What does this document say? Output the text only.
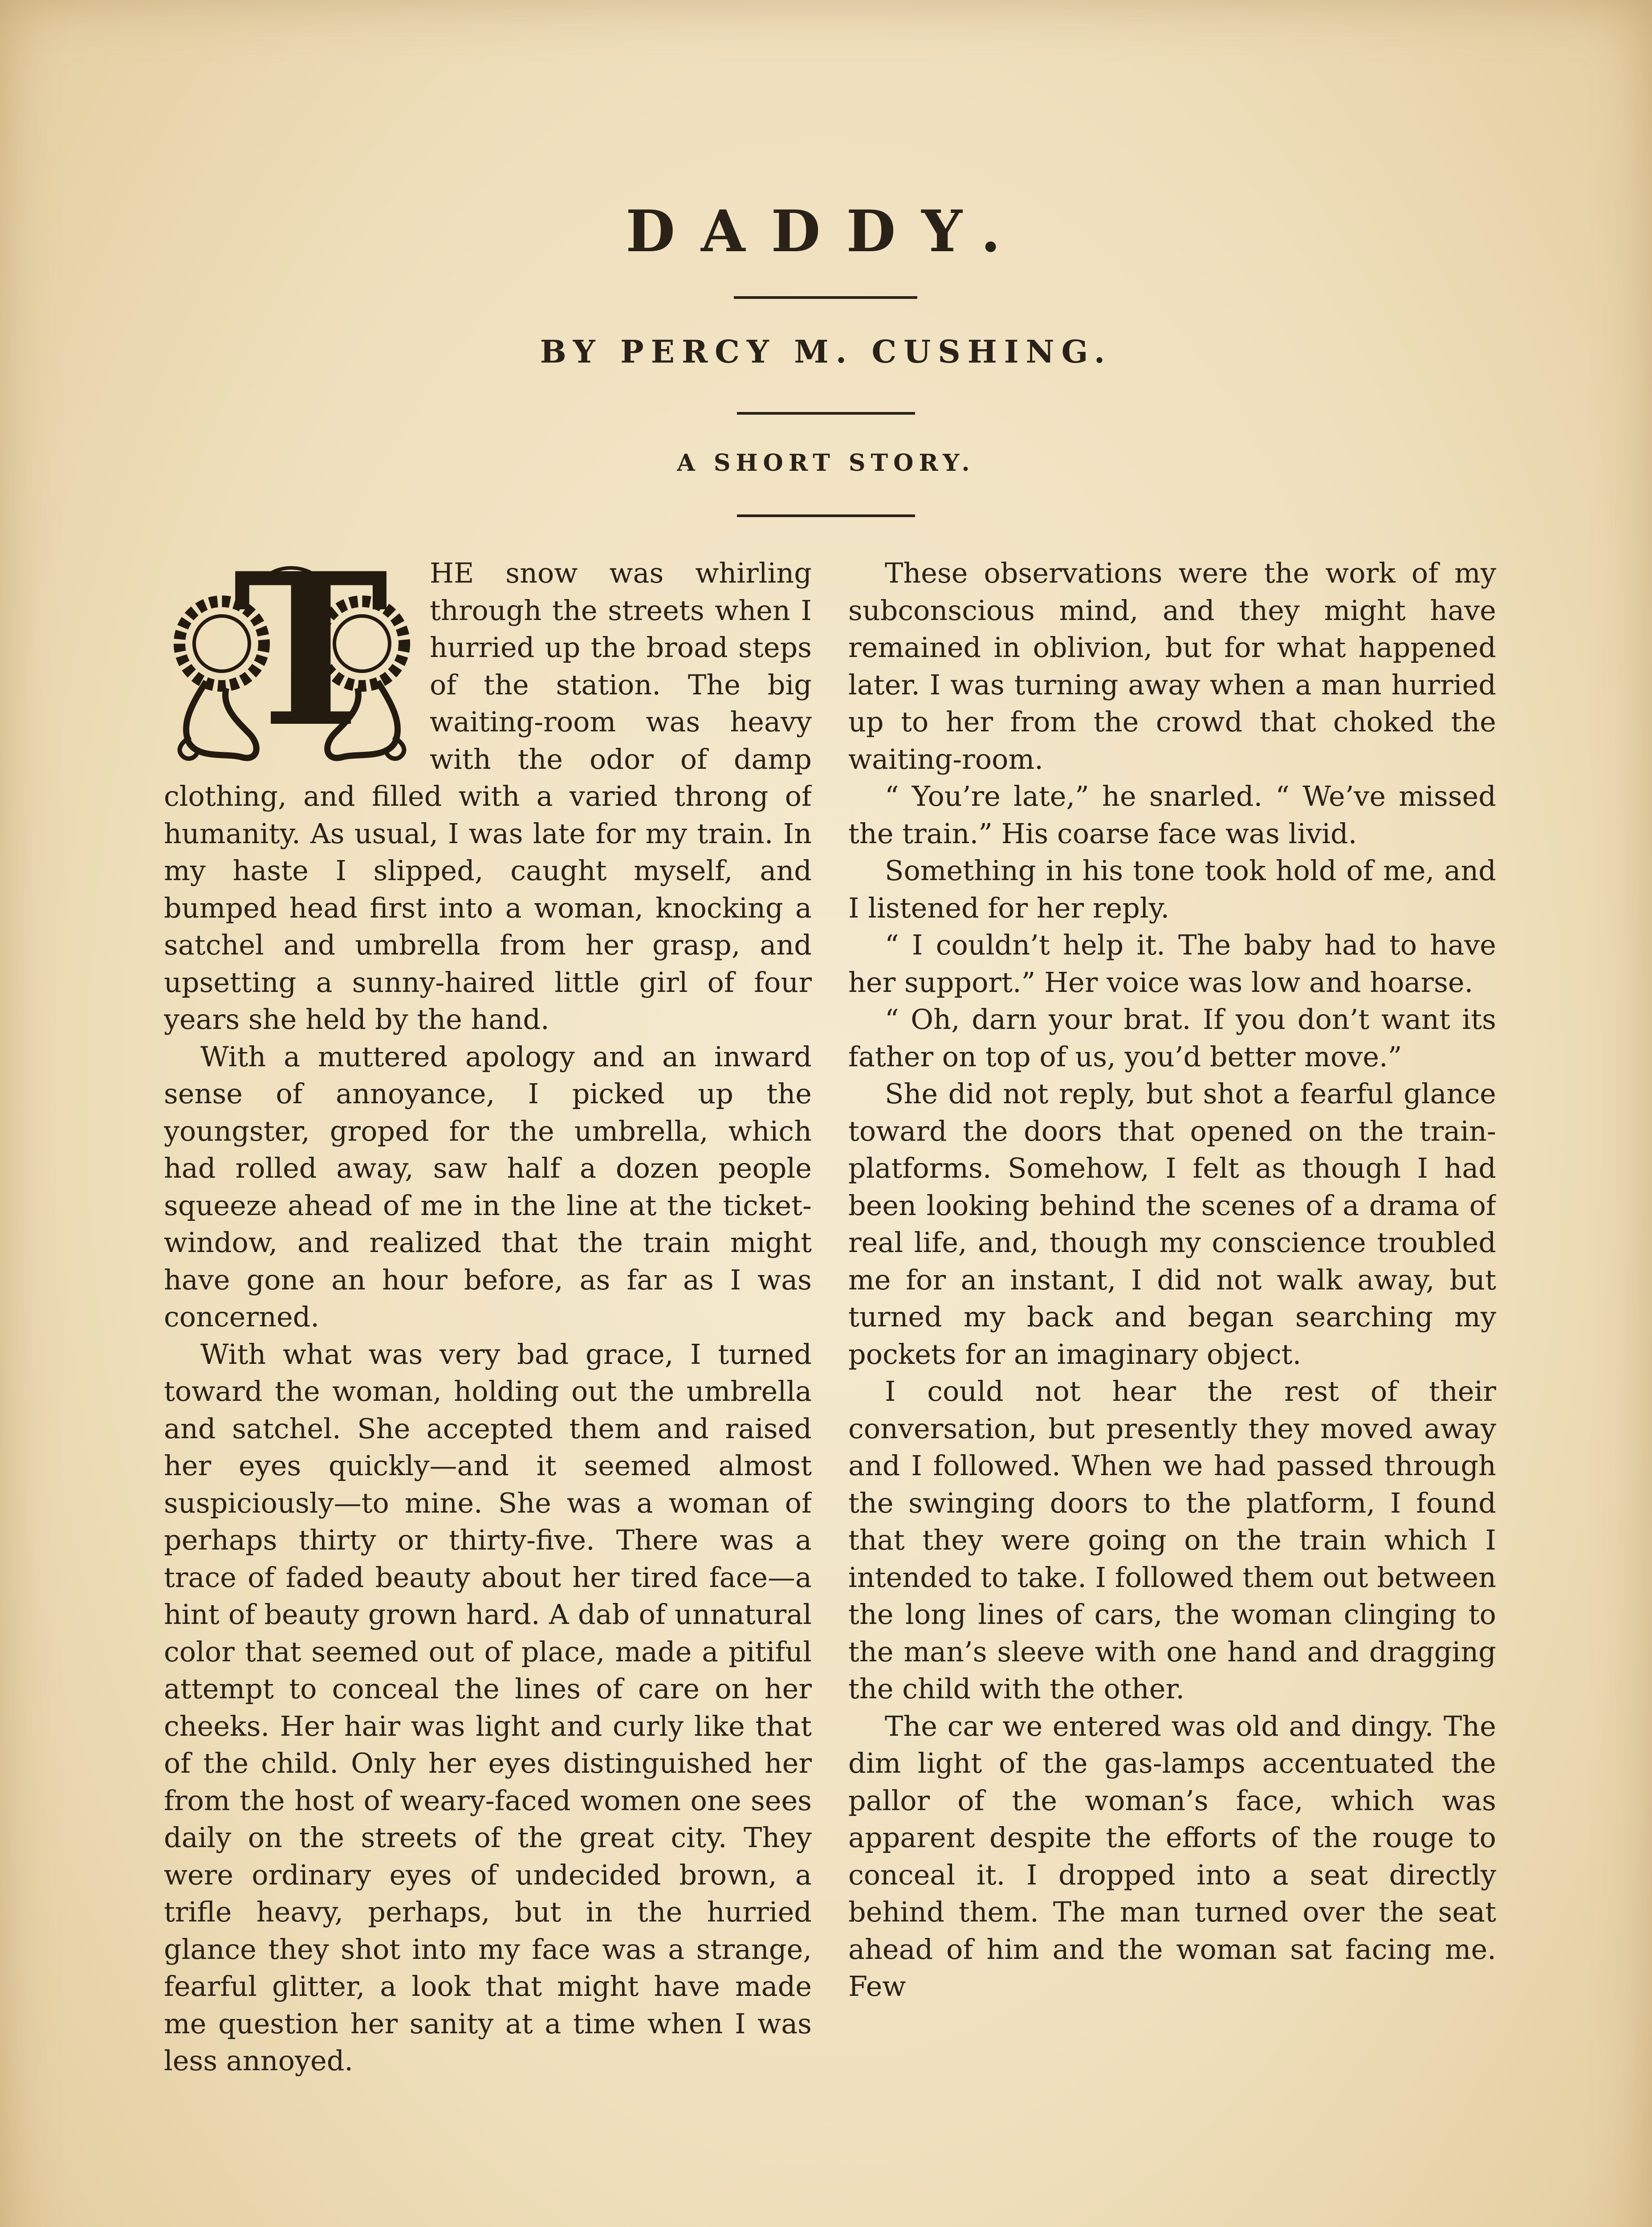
DADDY.
BY PERCY M. CUSHING.
A SHORT STORY.

T HE snow was whirling through the streets when I hurried up the broad steps of the station. The big waiting-room was heavy with the odor of damp clothing, and filled with a varied throng of humanity. As usual, I was late for my train. In my haste I slipped, caught myself, and bumped head first into a woman, knocking a satchel and umbrella from her grasp, and upsetting a sunny-haired little girl of four years she held by the hand.

With a muttered apology and an inward sense of annoyance, I picked up the youngster, groped for the umbrella, which had rolled away, saw half a dozen people squeeze ahead of me in the line at the ticket-window, and realized that the train might have gone an hour before, as far as I was concerned.

With what was very bad grace, I turned toward the woman, holding out the umbrella and satchel. She accepted them and raised her eyes quickly—and it seemed almost suspiciously—to mine. She was a woman of perhaps thirty or thirty-five. There was a trace of faded beauty about her tired face—a hint of beauty grown hard. A dab of unnatural color that seemed out of place, made a pitiful attempt to conceal the lines of care on her cheeks. Her hair was light and curly like that of the child. Only her eyes distinguished her from the host of weary-faced women one sees daily on the streets of the great city. They were ordinary eyes of undecided brown, a trifle heavy, perhaps, but in the hurried glance they shot into my face was a strange, fearful glitter, a look that might have made me question her sanity at a time when I was less annoyed.

These observations were the work of my subconscious mind, and they might have remained in oblivion, but for what happened later. I was turning away when a man hurried up to her from the crowd that choked the waiting-room.

“ You’re late,” he snarled. “ We’ve missed the train.” His coarse face was livid.

Something in his tone took hold of me, and I listened for her reply.

“ I couldn’t help it. The baby had to have her support.” Her voice was low and hoarse.

“ Oh, darn your brat. If you don’t want its father on top of us, you’d better move.”

She did not reply, but shot a fearful glance toward the doors that opened on the train-platforms. Somehow, I felt as though I had been looking behind the scenes of a drama of real life, and, though my conscience troubled me for an instant, I did not walk away, but turned my back and began searching my pockets for an imaginary object.

I could not hear the rest of their conversation, but presently they moved away and I followed. When we had passed through the swinging doors to the platform, I found that they were going on the train which I intended to take. I followed them out between the long lines of cars, the woman clinging to the man’s sleeve with one hand and dragging the child with the other.

The car we entered was old and dingy. The dim light of the gas-lamps accentuated the pallor of the woman’s face, which was apparent despite the efforts of the rouge to conceal it. I dropped into a seat directly behind them. The man turned over the seat ahead of him and the woman sat facing me. Few
